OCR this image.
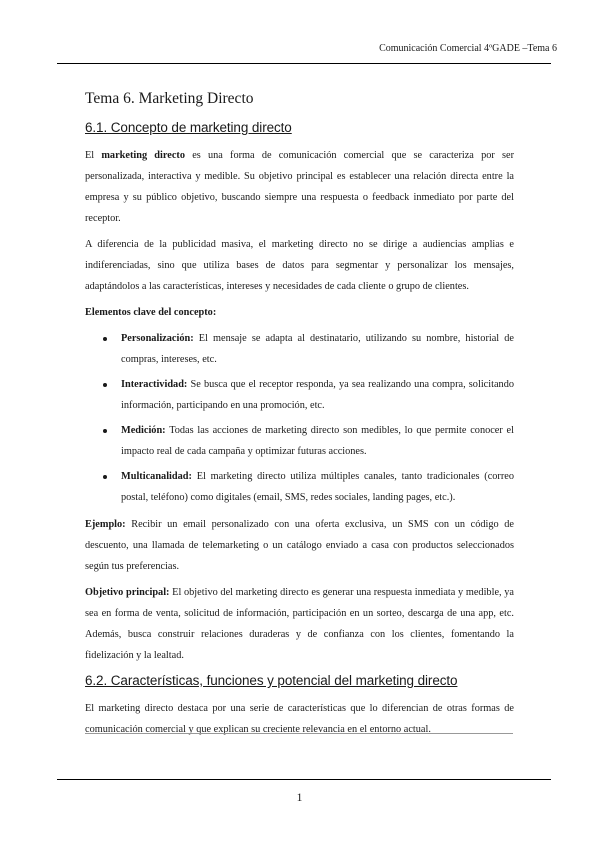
Comunicación Comercial 4ºGADE –Tema 6
Tema 6. Marketing Directo
6.1. Concepto de marketing directo

El marketing directo es una forma de comunicación comercial que se caracteriza por ser personalizada, interactiva y medible. Su objetivo principal es establecer una relación directa entre la empresa y su público objetivo, buscando siempre una respuesta o feedback inmediato por parte del receptor.

A diferencia de la publicidad masiva, el marketing directo no se dirige a audiencias amplias e indiferenciadas, sino que utiliza bases de datos para segmentar y personalizar los mensajes, adaptándolos a las características, intereses y necesidades de cada cliente o grupo de clientes.

Elementos clave del concepto:

Personalización: El mensaje se adapta al destinatario, utilizando su nombre, historial de compras, intereses, etc.
Interactividad: Se busca que el receptor responda, ya sea realizando una compra, solicitando información, participando en una promoción, etc.
Medición: Todas las acciones de marketing directo son medibles, lo que permite conocer el impacto real de cada campaña y optimizar futuras acciones.
Multicanalidad: El marketing directo utiliza múltiples canales, tanto tradicionales (correo postal, teléfono) como digitales (email, SMS, redes sociales, landing pages, etc.).

Ejemplo: Recibir un email personalizado con una oferta exclusiva, un SMS con un código de descuento, una llamada de telemarketing o un catálogo enviado a casa con productos seleccionados según tus preferencias.

Objetivo principal: El objetivo del marketing directo es generar una respuesta inmediata y medible, ya sea en forma de venta, solicitud de información, participación en un sorteo, descarga de una app, etc. Además, busca construir relaciones duraderas y de confianza con los clientes, fomentando la fidelización y la lealtad.

6.2. Características, funciones y potencial del marketing directo

El marketing directo destaca por una serie de características que lo diferencian de otras formas de comunicación comercial y que explican su creciente relevancia en el entorno actual.

1
